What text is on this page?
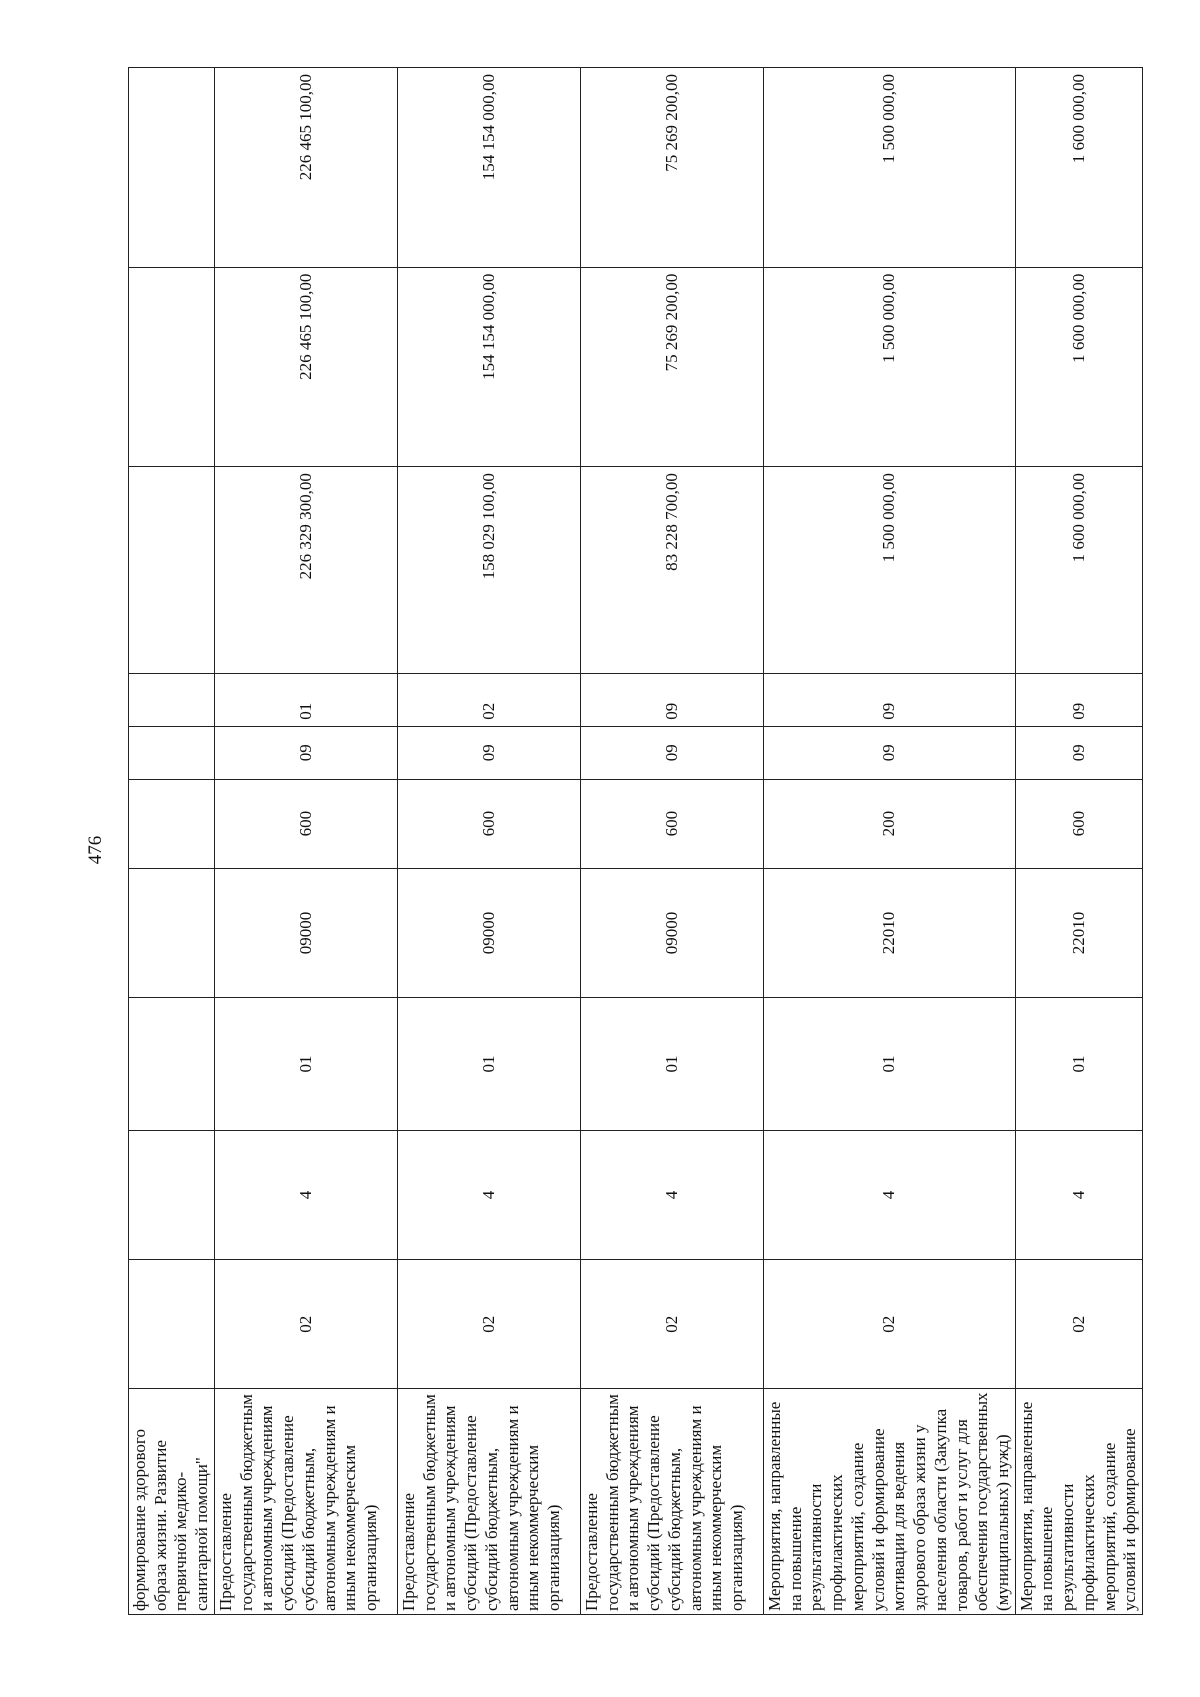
476
формирование здорового образа жизни. Развитие первичной медико-санитарной помощи"										
Предоставление государственным бюджетным и автономным учреждениям субсидий (Предоставление субсидий бюджетным, автономным учреждениям и иным некоммерческим организациям)	02	4	01	09000	600	09	01	226 329 300,00	226 465 100,00	226 465 100,00
Предоставление государственным бюджетным и автономным учреждениям субсидий (Предоставление субсидий бюджетным, автономным учреждениям и иным некоммерческим организациям)	02	4	01	09000	600	09	02	158 029 100,00	154 154 000,00	154 154 000,00
Предоставление государственным бюджетным и автономным учреждениям субсидий (Предоставление субсидий бюджетным, автономным учреждениям и иным некоммерческим организациям)	02	4	01	09000	600	09	09	83 228 700,00	75 269 200,00	75 269 200,00
Мероприятия, направленные на повышение результативности профилактических мероприятий, создание условий и формирование мотивации для ведения здорового образа жизни у населения области (Закупка товаров, работ и услуг для обеспечения государственных (муниципальных) нужд)	02	4	01	22010	200	09	09	1 500 000,00	1 500 000,00	1 500 000,00
Мероприятия, направленные на повышение результативности профилактических мероприятий, создание условий и формирование	02	4	01	22010	600	09	09	1 600 000,00	1 600 000,00	1 600 000,00
